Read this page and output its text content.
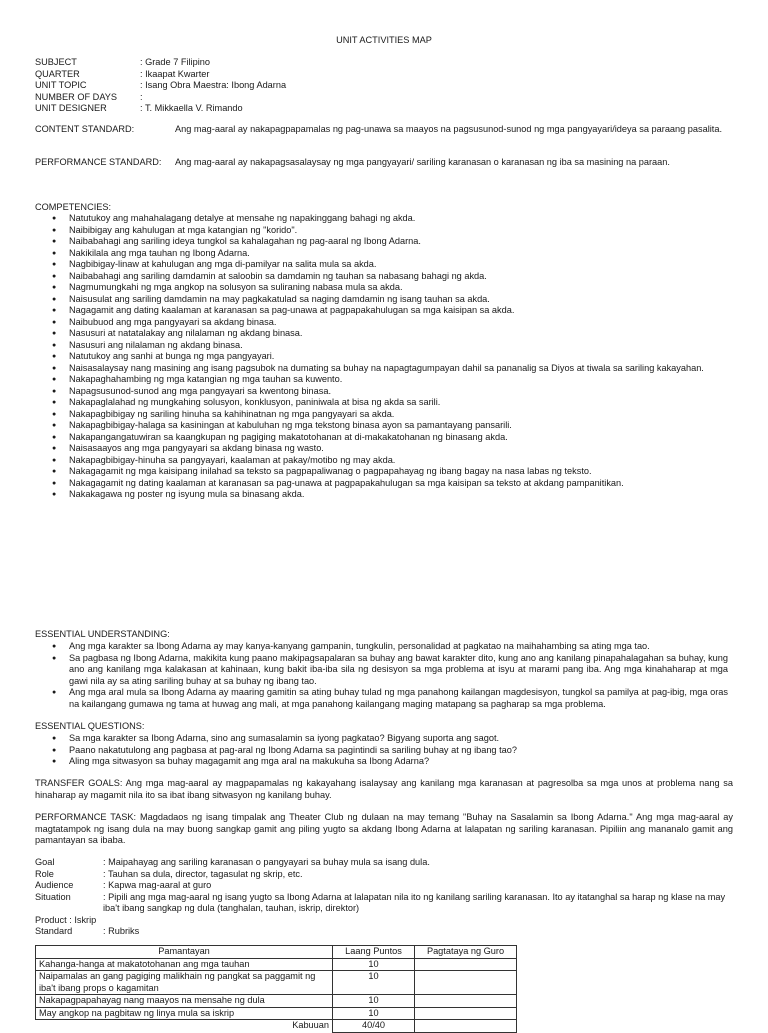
UNIT ACTIVITIES MAP
SUBJECT	: Grade 7 Filipino
QUARTER	: Ikaapat Kwarter
UNIT TOPIC	: Isang Obra Maestra: Ibong Adarna
NUMBER OF DAYS	:
UNIT DESIGNER	: T. Mikkaella V. Rimando
CONTENT STANDARD:	Ang mag-aaral ay nakapagpapamalas ng pag-unawa sa maayos na pagsusunod-sunod ng mga pangyayari/ideya sa paraang pasalita.
PERFORMANCE STANDARD:	Ang mag-aaral ay nakapagsasalaysay ng mga pangyayari/ sariling karanasan o karanasan ng iba sa masining na paraan.
COMPETENCIES:
● Natutukoy ang mahahalagang detalye at mensahe ng napakinggang bahagi ng akda.
● Naibibigay ang kahulugan at mga katangian ng "korido".
● Naibabahagi ang sariling ideya tungkol sa kahalagahan ng pag-aaral ng Ibong Adarna.
● Nakikilala ang mga tauhan ng Ibong Adarna.
● Nagbibigay-linaw at kahulugan ang mga di-pamilyar na salita mula sa akda.
● Naibabahagi ang sariling damdamin at saloobin sa damdamin ng tauhan sa nabasang bahagi ng akda.
● Nagmumungkahi ng mga angkop na solusyon sa suliraning nabasa mula sa akda.
● Naisusulat ang sariling damdamin na may pagkakatulad sa naging damdamin ng isang tauhan sa akda.
● Nagagamit ang dating kaalaman at karanasan sa pag-unawa at pagpapakahulugan sa mga kaisipan sa akda.
● Naibubuod ang mga pangyayari sa akdang binasa.
● Nasusuri at natatalakay ang nilalaman ng akdang binasa.
● Nasusuri ang nilalaman ng akdang binasa.
● Natutukoy ang sanhi at bunga ng mga pangyayari.
● Naisasalaysay nang masining ang isang pagsubok na dumating sa buhay na napagtagumpayan dahil sa pananalig sa Diyos at tiwala sa sariling kakayahan.
● Nakapaghahambing ng mga katangian ng mga tauhan sa kuwento.
● Napagsusunod-sunod ang mga pangyayari sa kwentong binasa.
● Nakapaglalahad ng mungkahing solusyon, konklusyon, paniniwala at bisa ng akda sa sarili.
● Nakapagbibigay ng sariling hinuha sa kahihinatnan ng mga pangyayari sa akda.
● Nakapagbibigay-halaga sa kasiningan at kabuluhan ng mga tekstong binasa ayon sa pamantayang pansarili.
● Nakapangangatuwiran sa kaangkupan ng pagiging makatotohanan at di-makakatohanan ng binasang akda.
● Naisasaayos ang mga pangyayari sa akdang binasa ng wasto.
● Nakapagbibigay-hinuha sa pangyayari, kaalaman at pakay/motibo ng may akda.
● Nakagagamit ng mga kaisipang inilahad sa teksto sa pagpapaliwanag o pagpapahayag ng ibang bagay na nasa labas ng teksto.
● Nakagagamit ng dating kaalaman at karanasan sa pag-unawa at pagpapakahulugan sa mga kaisipan sa teksto at akdang pampanitikan.
● Nakakagawa ng poster ng isyung mula sa binasang akda.
ESSENTIAL UNDERSTANDING:
● Ang mga karakter sa Ibong Adarna ay may kanya-kanyang gampanin, tungkulin, personalidad at pagkatao na maihahambing sa ating mga tao.
● Sa pagbasa ng Ibong Adarna, makikita kung paano makipagsapalaran sa buhay ang bawat karakter dito, kung ano ang kanilang pinapahalagahan sa buhay, kung ano ang kanilang mga kalakasan at kahinaan, kung bakit iba-iba sila ng desisyon sa mga problema at isyu at marami pang iba. Ang mga kinahaharap at mga gawi nila ay sa ating sariling buhay at sa buhay ng ibang tao.
● Ang mga aral mula sa Ibong Adarna ay maaring gamitin sa ating buhay tulad ng mga panahong kailangan magdesisyon, tungkol sa pamilya at pag-ibig, mga oras na kailangang gumawa ng tama at huwag ang mali, at mga panahong kailangang maging matapang sa pagharap sa mga problema.
ESSENTIAL QUESTIONS:
● Sa mga karakter sa Ibong Adarna, sino ang sumasalamin sa iyong pagkatao? Bigyang suporta ang sagot.
● Paano nakatutulong ang pagbasa at pag-aral ng Ibong Adarna sa pagintindi sa sariling buhay at ng ibang tao?
● Aling mga sitwasyon sa buhay magagamit ang mga aral na makukuha sa Ibong Adarna?
TRANSFER GOALS: Ang mga mag-aaral ay magpapamalas ng kakayahang isalaysay ang kanilang mga karanasan at pagresolba sa mga unos at problema nang sa hinaharap ay magamit nila ito sa ibat ibang sitwasyon ng kanilang buhay.
PERFORMANCE TASK: Magdadaos ng isang timpalak ang Theater Club ng dulaan na may temang "Buhay na Sasalamin sa Ibong Adarna." Ang mga mag-aaral ay magtatampok ng isang dula na may buong sangkap gamit ang piling yugto sa akdang Ibong Adarna at lalapatan ng sariling karanasan. Pipiliin ang mananalo gamit ang pamantayan sa ibaba.
Goal	: Maipahayag ang sariling karanasan o pangyayari sa buhay mula sa isang dula.
Role	: Tauhan sa dula, director, tagasulat ng skrip, etc.
Audience	: Kapwa mag-aaral at guro
Situation	: Pipili ang mga mag-aaral ng isang yugto sa Ibong Adarna at lalapatan nila ito ng kanilang sariling karanasan. Ito ay itatanghal sa harap ng klase na may iba't ibang sangkap ng dula (tanghalan, tauhan, iskrip, direktor)
Product : Iskrip
Standard	: Rubriks
Pamantayan	Laang Puntos	Pagtataya ng Guro
Kahanga-hanga at makatotohanan ang mga tauhan	10	
Naipamalas an gang pagiging malikhain ng pangkat sa paggamit ng iba't ibang props o kagamitan	10	
Nakapagpapahayag nang maayos na mensahe ng dula	10	
May angkop na pagbitaw ng linya mula sa iskrip	10	
Kabuuan	40/40	
